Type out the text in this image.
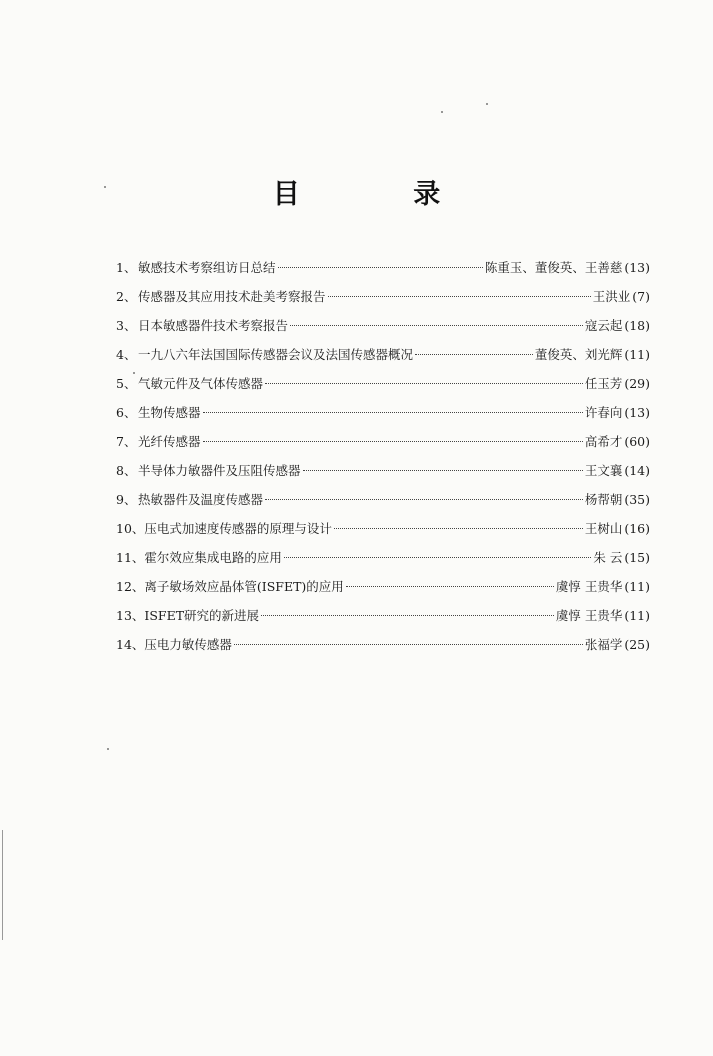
目 录
1、 敏感技术考察组访日总结	陈重玉、董俊英、王善慈 (13)
2、 传感器及其应用技术赴美考察报告	王洪业 (7)
3、 日本敏感器件技术考察报告	寇云起 (18)
4、 一九八六年法国国际传感器会议及法国传感器概况	董俊英、刘光辉 (11)
5、 气敏元件及气体传感器	任玉芳 (29)
6、 生物传感器	许春向 (13)
7、 光纤传感器	高希才 (60)
8、 半导体力敏器件及压阻传感器	王文襄 (14)
9、 热敏器件及温度传感器	杨帮朝 (35)
10、 压电式加速度传感器的原理与设计	王树山 (16)
11、 霍尔效应集成电路的应用	朱 云 (15)
12、 离子敏场效应晶体管(ISFET)的应用	虞惇 王贵华 (11)
13、 ISFET研究的新进展	虞惇 王贵华 (11)
14、 压电力敏传感器	张福学 (25)
